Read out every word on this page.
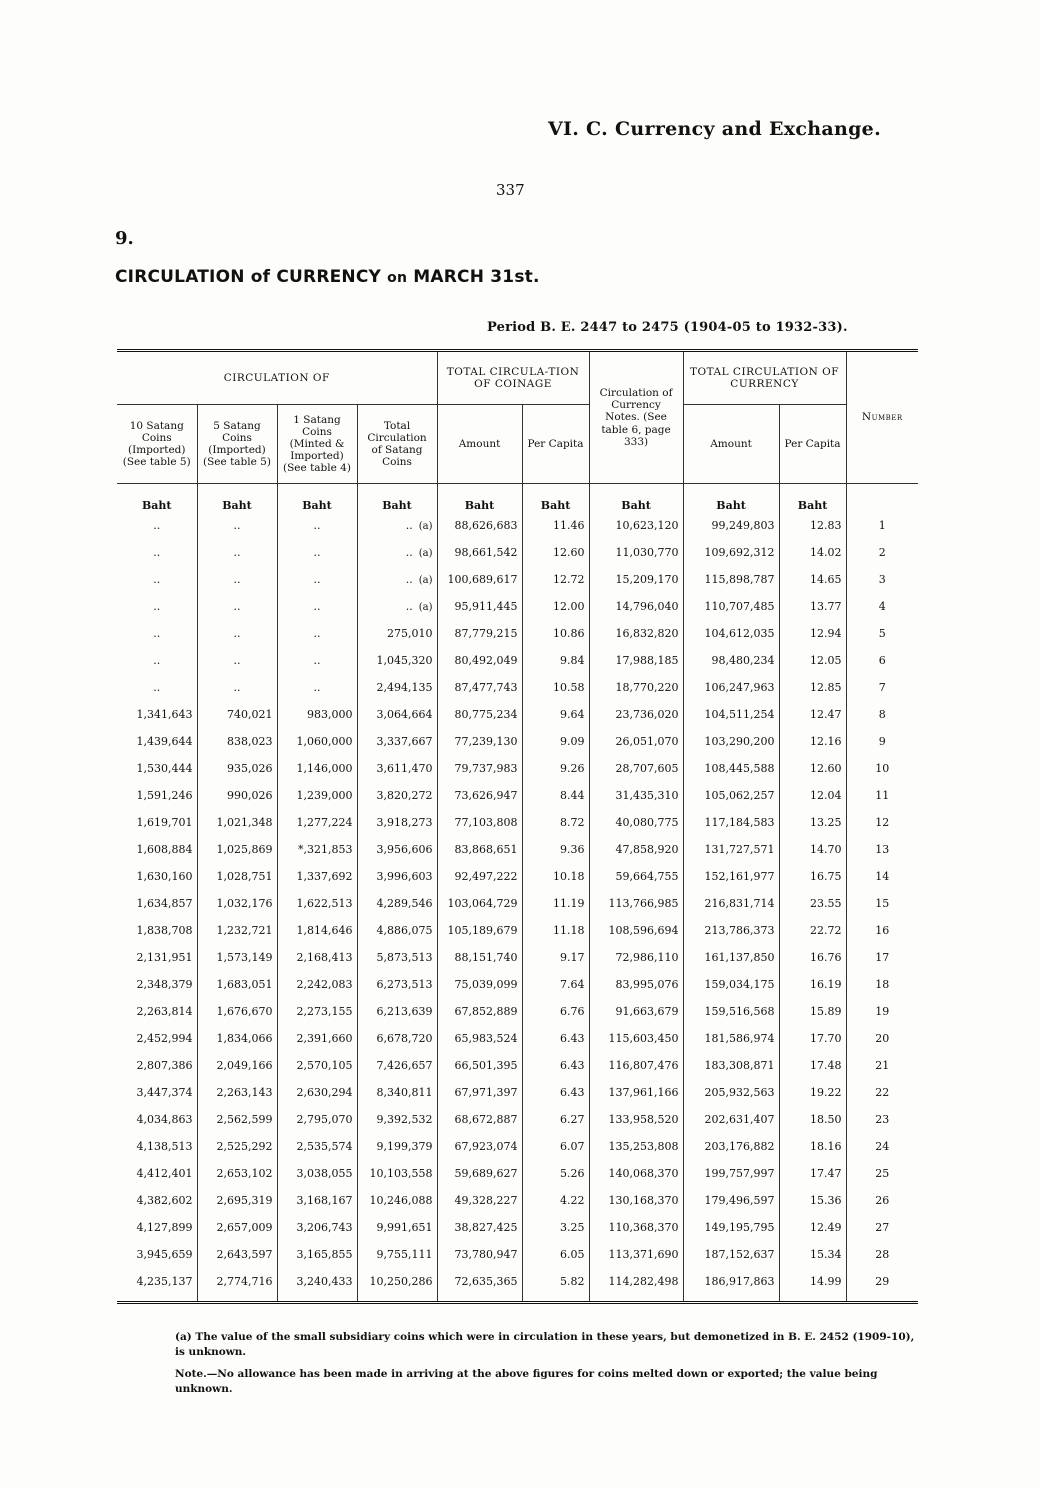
VI. C. Currency and Exchange.
337
9.
CIRCULATION of CURRENCY on MARCH 31st.
Period B. E. 2447 to 2475 (1904-05 to 1932-33).
CIRCULATION OF				TOTAL CIRCULA-TION OF COINAGE		Circulation of Currency Notes. (See table 6, page 333)	TOTAL CIRCULATION OF CURRENCY		Number
10 Satang Coins (Imported) (See table 5)	5 Satang Coins (Imported) (See table 5)	1 Satang Coins (Minted & Imported) (See table 4)	Total Circulation of Satang Coins	Amount	Per Capita		Amount	Per Capita	
Baht	Baht	Baht	Baht	Baht	Baht	Baht	Baht	Baht	
..	..	..	.. (a)	88,626,683	11.46	10,623,120	99,249,803	12.83	1
..	..	..	.. (a)	98,661,542	12.60	11,030,770	109,692,312	14.02	2
..	..	..	.. (a)	100,689,617	12.72	15,209,170	115,898,787	14.65	3
..	..	..	.. (a)	95,911,445	12.00	14,796,040	110,707,485	13.77	4
..	..	..	275,010	87,779,215	10.86	16,832,820	104,612,035	12.94	5
..	..	..	1,045,320	80,492,049	9.84	17,988,185	98,480,234	12.05	6
..	..	..	2,494,135	87,477,743	10.58	18,770,220	106,247,963	12.85	7
1,341,643	740,021	983,000	3,064,664	80,775,234	9.64	23,736,020	104,511,254	12.47	8
1,439,644	838,023	1,060,000	3,337,667	77,239,130	9.09	26,051,070	103,290,200	12.16	9
1,530,444	935,026	1,146,000	3,611,470	79,737,983	9.26	28,707,605	108,445,588	12.60	10
1,591,246	990,026	1,239,000	3,820,272	73,626,947	8.44	31,435,310	105,062,257	12.04	11
1,619,701	1,021,348	1,277,224	3,918,273	77,103,808	8.72	40,080,775	117,184,583	13.25	12
1,608,884	1,025,869	*,321,853	3,956,606	83,868,651	9.36	47,858,920	131,727,571	14.70	13
1,630,160	1,028,751	1,337,692	3,996,603	92,497,222	10.18	59,664,755	152,161,977	16.75	14
1,634,857	1,032,176	1,622,513	4,289,546	103,064,729	11.19	113,766,985	216,831,714	23.55	15
1,838,708	1,232,721	1,814,646	4,886,075	105,189,679	11.18	108,596,694	213,786,373	22.72	16
2,131,951	1,573,149	2,168,413	5,873,513	88,151,740	9.17	72,986,110	161,137,850	16.76	17
2,348,379	1,683,051	2,242,083	6,273,513	75,039,099	7.64	83,995,076	159,034,175	16.19	18
2,263,814	1,676,670	2,273,155	6,213,639	67,852,889	6.76	91,663,679	159,516,568	15.89	19
2,452,994	1,834,066	2,391,660	6,678,720	65,983,524	6.43	115,603,450	181,586,974	17.70	20
2,807,386	2,049,166	2,570,105	7,426,657	66,501,395	6.43	116,807,476	183,308,871	17.48	21
3,447,374	2,263,143	2,630,294	8,340,811	67,971,397	6.43	137,961,166	205,932,563	19.22	22
4,034,863	2,562,599	2,795,070	9,392,532	68,672,887	6.27	133,958,520	202,631,407	18.50	23
4,138,513	2,525,292	2,535,574	9,199,379	67,923,074	6.07	135,253,808	203,176,882	18.16	24
4,412,401	2,653,102	3,038,055	10,103,558	59,689,627	5.26	140,068,370	199,757,997	17.47	25
4,382,602	2,695,319	3,168,167	10,246,088	49,328,227	4.22	130,168,370	179,496,597	15.36	26
4,127,899	2,657,009	3,206,743	9,991,651	38,827,425	3.25	110,368,370	149,195,795	12.49	27
3,945,659	2,643,597	3,165,855	9,755,111	73,780,947	6.05	113,371,690	187,152,637	15.34	28
4,235,137	2,774,716	3,240,433	10,250,286	72,635,365	5.82	114,282,498	186,917,863	14.99	29
(a) The value of the small subsidiary coins which were in circulation in these years, but demonetized in B. E. 2452 (1909-10), is unknown.
Note.—No allowance has been made in arriving at the above figures for coins melted down or exported; the value being unknown.
